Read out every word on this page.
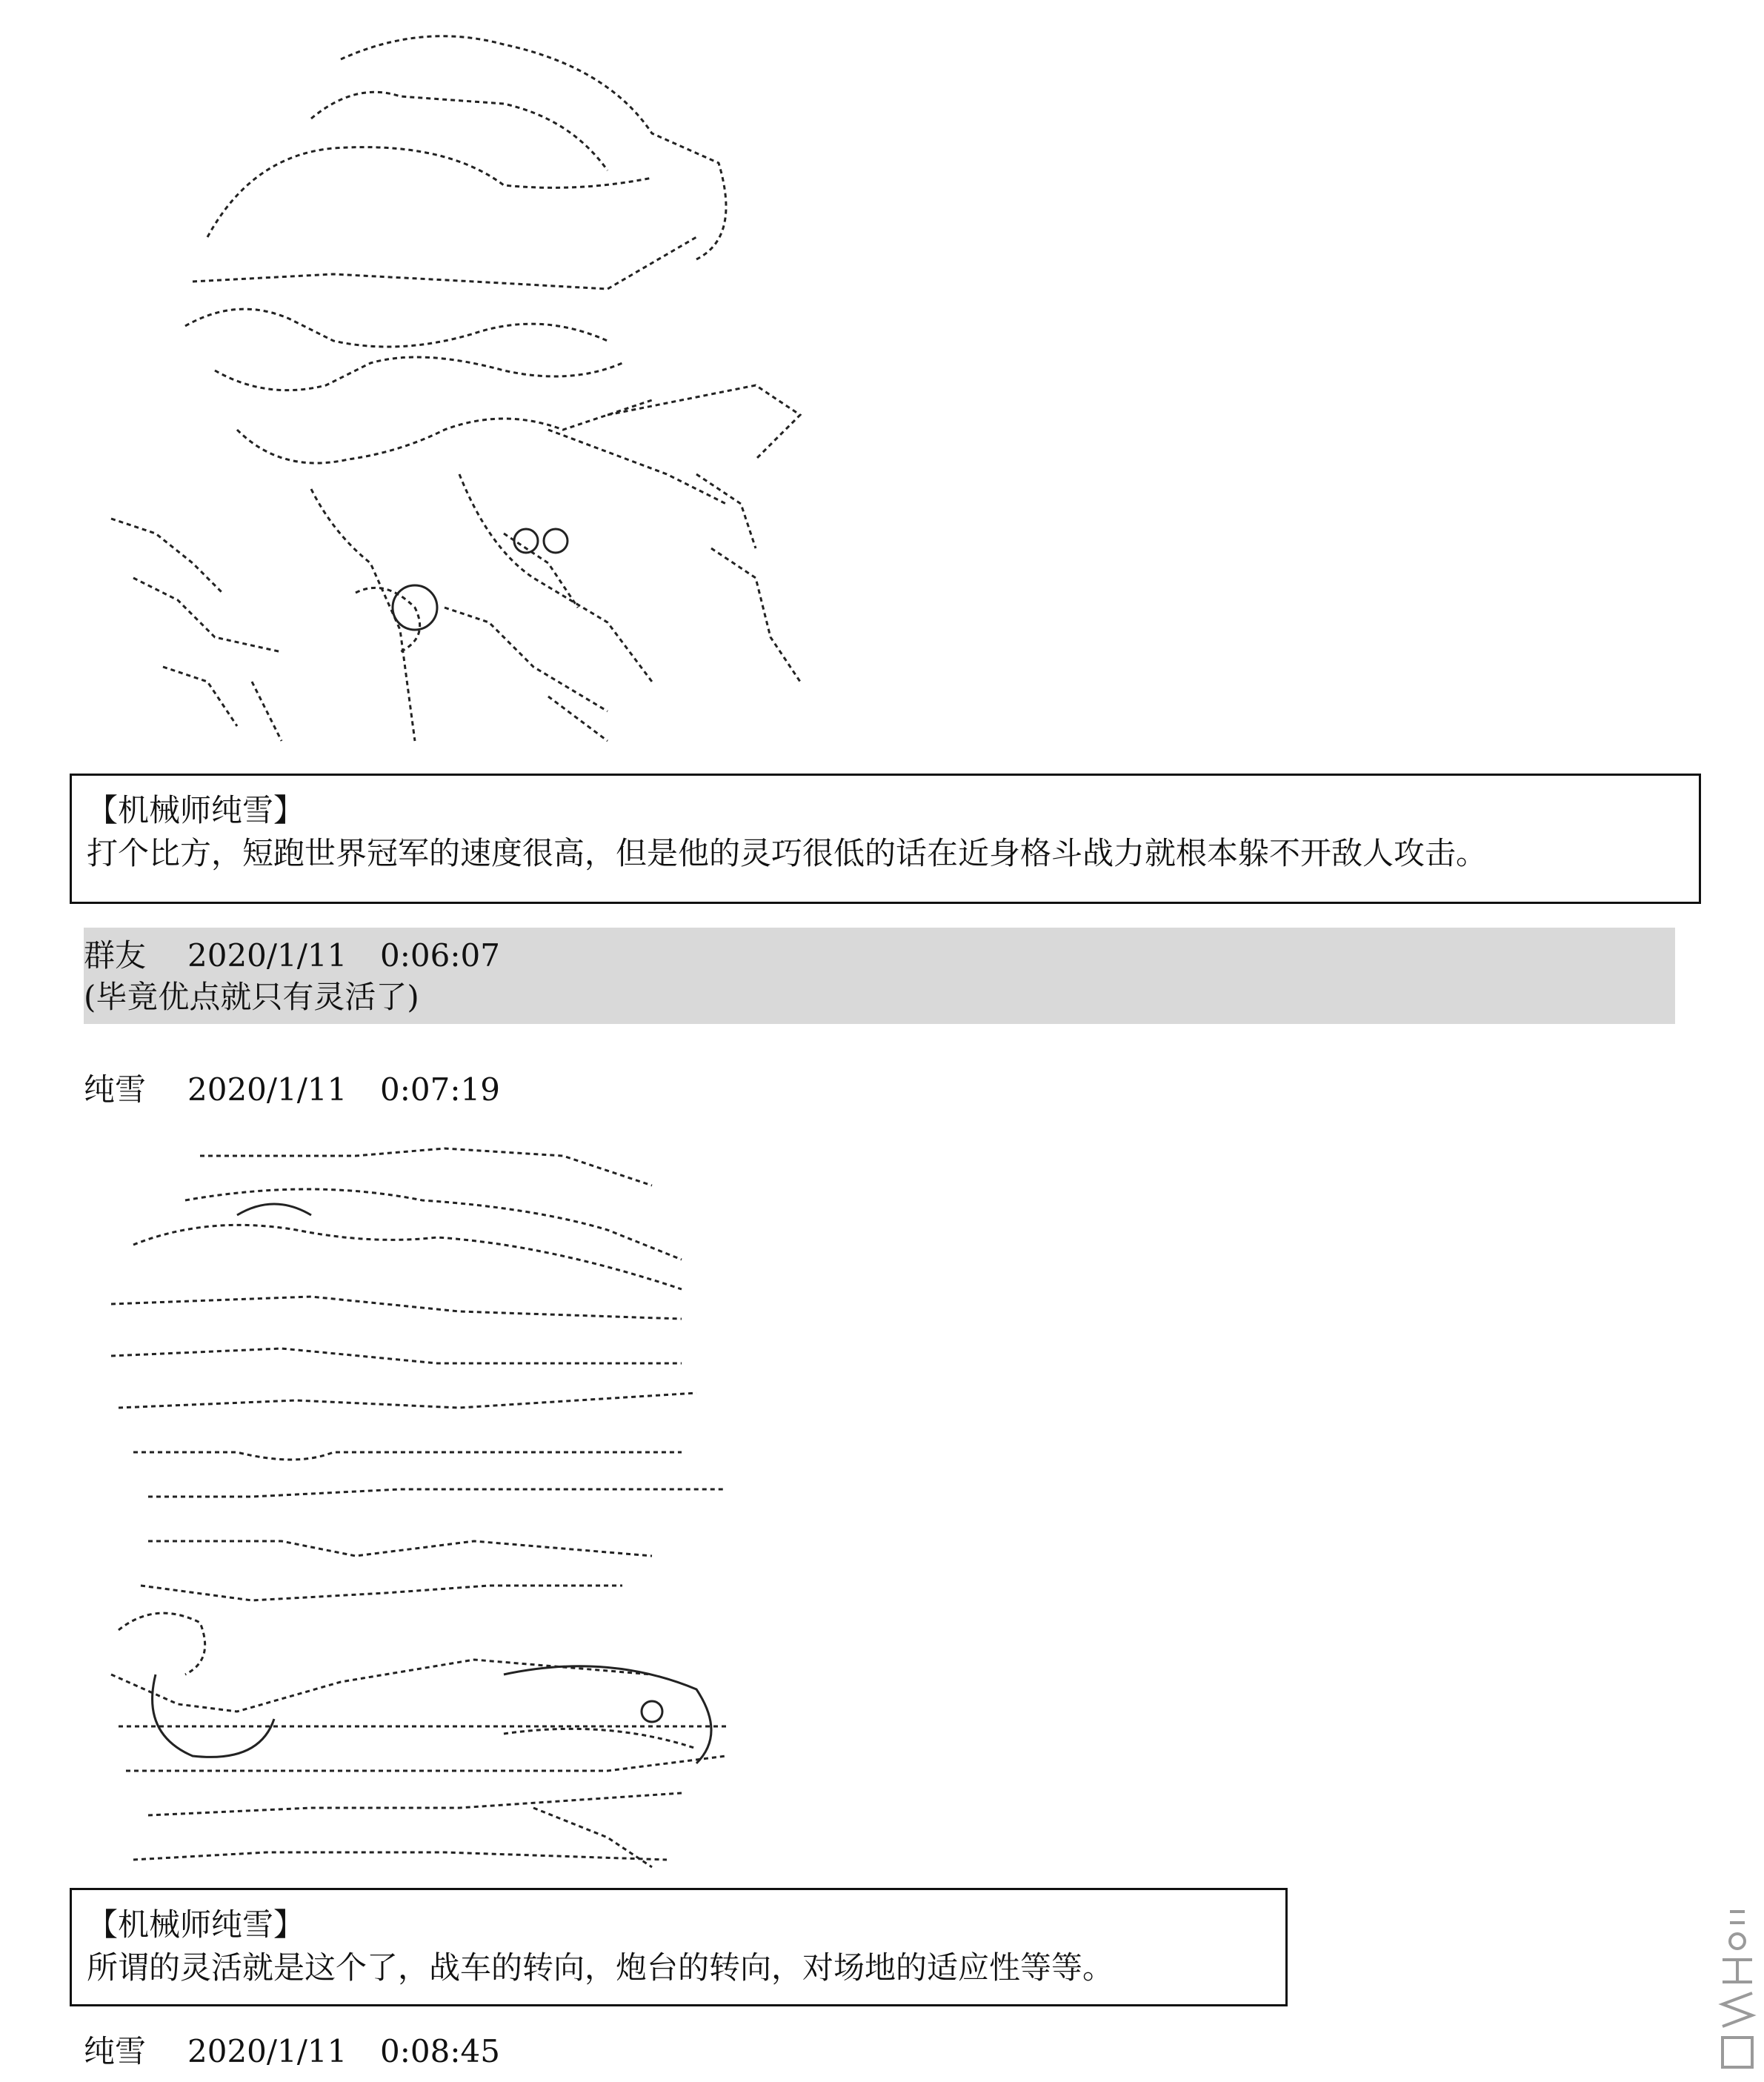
【机械师纯雪】
打个比方，短跑世界冠军的速度很高，但是他的灵巧很低的话在近身格斗战力就根本躲不开敌人攻击。
群友 2020/1/11 0:06:07
(毕竟优点就只有灵活了)
纯雪 2020/1/11 0:07:19
【机械师纯雪】
所谓的灵活就是这个了，战车的转向，炮台的转向，对场地的适应性等等。
纯雪 2020/1/11 0:08:45
